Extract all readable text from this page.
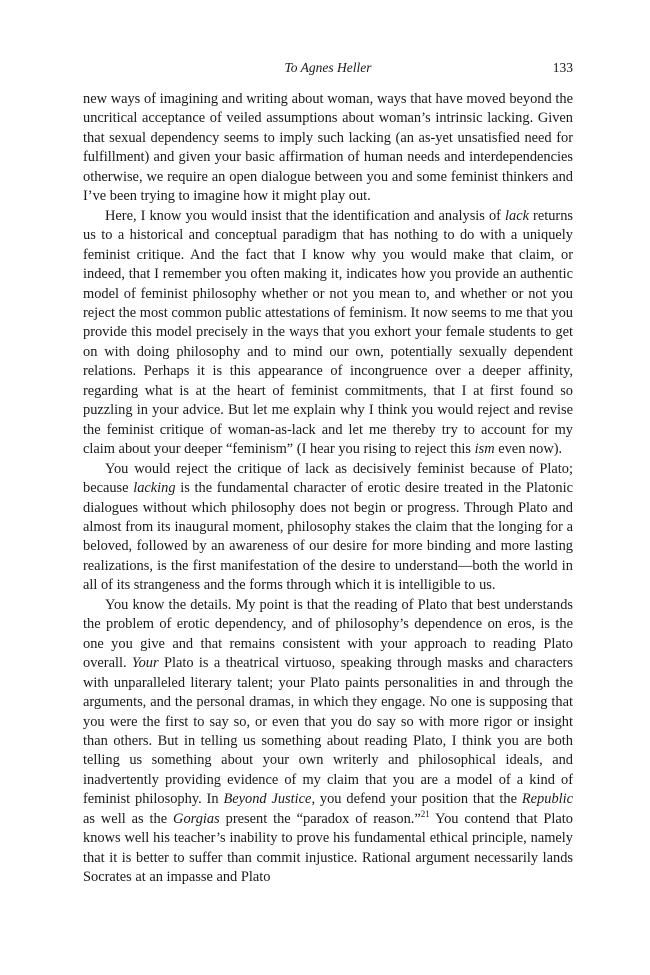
To Agnes Heller	133

new ways of imagining and writing about woman, ways that have moved beyond the uncritical acceptance of veiled assumptions about woman’s intrinsic lacking. Given that sexual dependency seems to imply such lacking (an as-yet unsatisfied need for fulfillment) and given your basic affirmation of human needs and interdependencies otherwise, we require an open dialogue between you and some feminist thinkers and I’ve been trying to imagine how it might play out.

Here, I know you would insist that the identification and analysis of lack returns us to a historical and conceptual paradigm that has nothing to do with a uniquely feminist critique. And the fact that I know why you would make that claim, or indeed, that I remember you often making it, indicates how you provide an authentic model of feminist philosophy whether or not you mean to, and whether or not you reject the most common public attestations of feminism. It now seems to me that you provide this model precisely in the ways that you exhort your female students to get on with doing philosophy and to mind our own, potentially sexually dependent relations. Perhaps it is this appearance of incongruence over a deeper affinity, regarding what is at the heart of feminist commitments, that I at first found so puzzling in your advice. But let me explain why I think you would reject and revise the feminist critique of woman-as-lack and let me thereby try to account for my claim about your deeper “feminism” (I hear you rising to reject this ism even now).

You would reject the critique of lack as decisively feminist because of Plato; because lacking is the fundamental character of erotic desire treated in the Platonic dialogues without which philosophy does not begin or progress. Through Plato and almost from its inaugural moment, philosophy stakes the claim that the longing for a beloved, followed by an awareness of our desire for more binding and more lasting realizations, is the first manifestation of the desire to understand—both the world in all of its strangeness and the forms through which it is intelligible to us.

You know the details. My point is that the reading of Plato that best understands the problem of erotic dependency, and of philosophy’s dependence on eros, is the one you give and that remains consistent with your approach to reading Plato overall. Your Plato is a theatrical virtuoso, speaking through masks and characters with unparalleled literary talent; your Plato paints personalities in and through the arguments, and the personal dramas, in which they engage. No one is supposing that you were the first to say so, or even that you do say so with more rigor or insight than others. But in telling us something about reading Plato, I think you are both telling us something about your own writerly and philosophical ideals, and inadvertently providing evidence of my claim that you are a model of a kind of feminist philosophy. In Beyond Justice, you defend your position that the Republic as well as the Gorgias present the “paradox of reason.”$^{21}$ You contend that Plato knows well his teacher’s inability to prove his fundamental ethical principle, namely that it is better to suffer than commit injustice. Rational argument necessarily lands Socrates at an impasse and Plato
